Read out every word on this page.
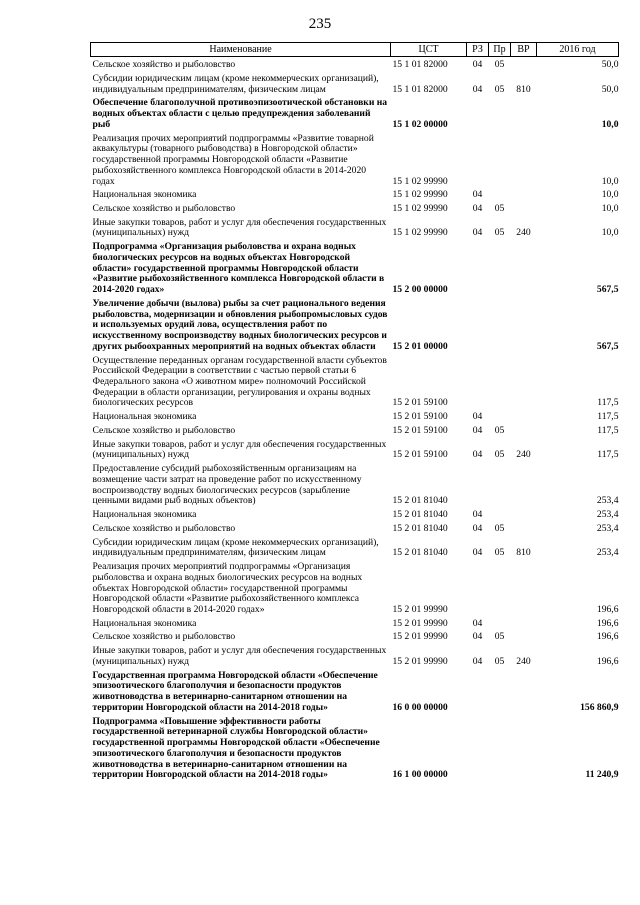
235
Наименование	ЦСТ	РЗ	Пр	ВР	2016 год
Сельское хозяйство и рыболовство	15 1 01 82000	04	05		50,0
Субсидии юридическим лицам (кроме некоммерческих организаций), индивидуальным предпринимателям, физическим лицам	15 1 01 82000	04	05	810	50,0
Обеспечение благополучной противоэпизоотической обстановки на водных объектах области с целью предупреждения заболеваний рыб	15 1 02 00000				10,0
Реализация прочих мероприятий подпрограммы «Развитие товарной аквакультуры (товарного рыбоводства) в Новгородской области» государственной программы Новгородской области «Развитие рыбохозяйственного комплекса Новгородской области в 2014-2020 годах	15 1 02 99990				10,0
Национальная экономика	15 1 02 99990	04			10,0
Сельское хозяйство и рыболовство	15 1 02 99990	04	05		10,0
Иные закупки товаров, работ и услуг для обеспечения государственных (муниципальных) нужд	15 1 02 99990	04	05	240	10,0
Подпрограмма «Организация рыболовства и охрана водных биологических ресурсов на водных объектах Новгородской области» государственной программы Новгородской области «Развитие рыбохозяйственного комплекса Новгородской области в 2014-2020 годах»	15 2 00 00000				567,5
Увеличение добычи (вылова) рыбы за счет рационального ведения рыболовства, модернизации и обновления рыбопромысловых судов и используемых орудий лова, осуществления работ по искусственному воспроизводству водных биологических ресурсов и других рыбоохранных мероприятий на водных объектах области	15 2 01 00000				567,5
Осуществление переданных органам государственной власти субъектов Российской Федерации в соответствии с частью первой статьи 6 Федерального закона «О животном мире» полномочий Российской Федерации в области организации, регулирования и охраны водных биологических ресурсов	15 2 01 59100				117,5
Национальная экономика	15 2 01 59100	04			117,5
Сельское хозяйство и рыболовство	15 2 01 59100	04	05		117,5
Иные закупки товаров, работ и услуг для обеспечения государственных (муниципальных) нужд	15 2 01 59100	04	05	240	117,5
Предоставление субсидий рыбохозяйственным организациям на возмещение части затрат на проведение работ по искусственному воспроизводству водных биологических ресурсов (зарыбление ценными видами рыб водных объектов)	15 2 01 81040				253,4
Национальная экономика	15 2 01 81040	04			253,4
Сельское хозяйство и рыболовство	15 2 01 81040	04	05		253,4
Субсидии юридическим лицам (кроме некоммерческих организаций), индивидуальным предпринимателям, физическим лицам	15 2 01 81040	04	05	810	253,4
Реализация прочих мероприятий подпрограммы «Организация рыболовства и охрана водных биологических ресурсов на водных объектах Новгородской области» государственной программы Новгородской области «Развитие рыбохозяйственного комплекса Новгородской области в 2014-2020 годах»	15 2 01 99990				196,6
Национальная экономика	15 2 01 99990	04			196,6
Сельское хозяйство и рыболовство	15 2 01 99990	04	05		196,6
Иные закупки товаров, работ и услуг для обеспечения государственных (муниципальных) нужд	15 2 01 99990	04	05	240	196,6
Государственная программа Новгородской области «Обеспечение эпизоотического благополучия и безопасности продуктов животноводства в ветеринарно-санитарном отношении на территории Новгородской области на 2014-2018 годы»	16 0 00 00000				156 860,9
Подпрограмма «Повышение эффективности работы государственной ветеринарной службы Новгородской области» государственной программы Новгородской области «Обеспечение эпизоотического благополучия и безопасности продуктов животноводства в ветеринарно-санитарном отношении на территории Новгородской области на 2014-2018 годы»	16 1 00 00000				11 240,9
